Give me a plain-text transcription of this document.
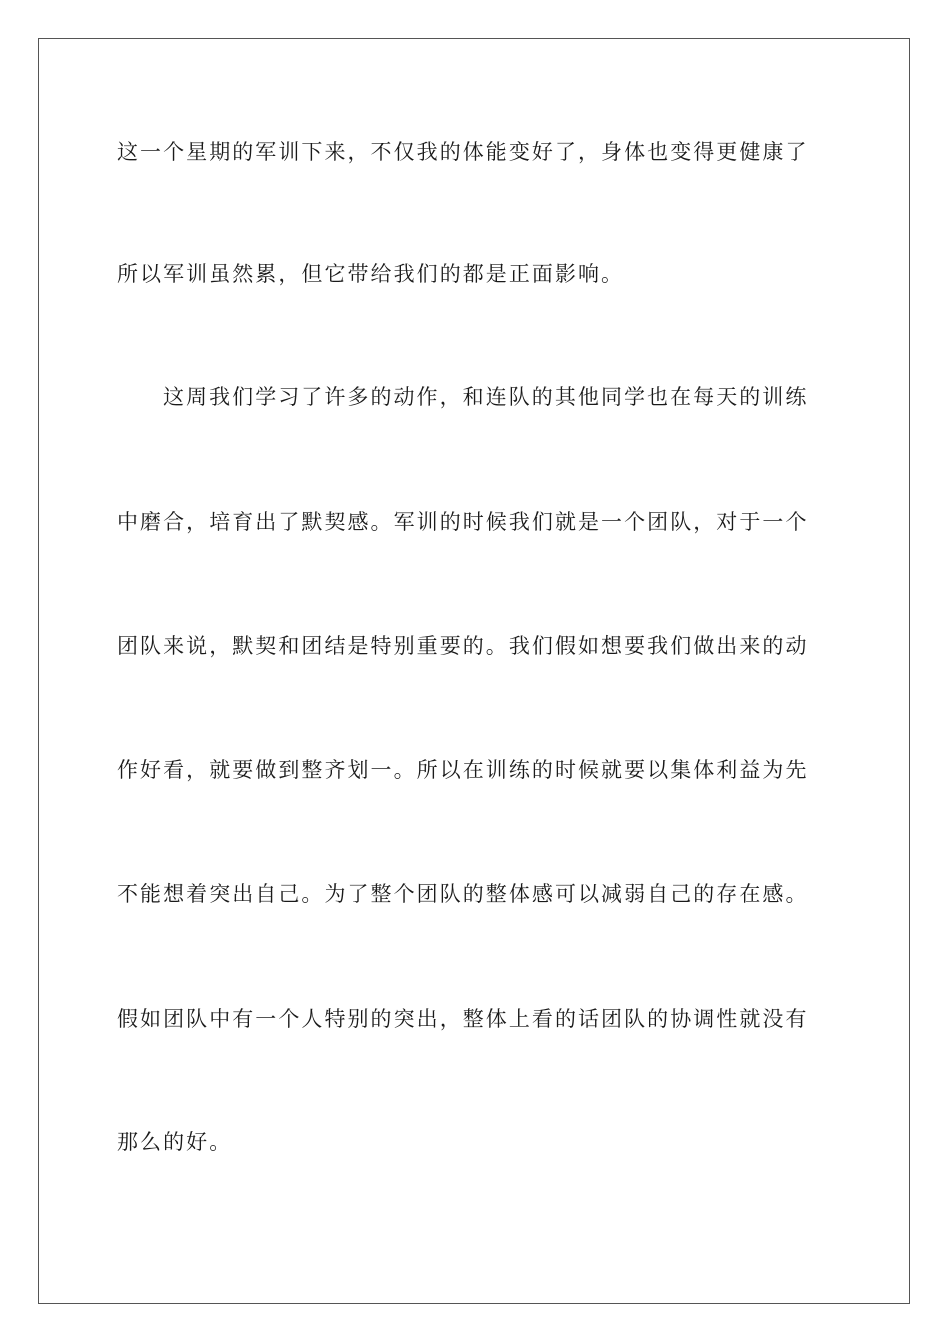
这一个星期的军训下来，不仅我的体能变好了，身体也变得更健康了
所以军训虽然累，但它带给我们的都是正面影响。
这周我们学习了许多的动作，和连队的其他同学也在每天的训练
中磨合，培育出了默契感。军训的时候我们就是一个团队，对于一个
团队来说，默契和团结是特别重要的。我们假如想要我们做出来的动
作好看，就要做到整齐划一。所以在训练的时候就要以集体利益为先
不能想着突出自己。为了整个团队的整体感可以减弱自己的存在感。
假如团队中有一个人特别的突出，整体上看的话团队的协调性就没有
那么的好。
